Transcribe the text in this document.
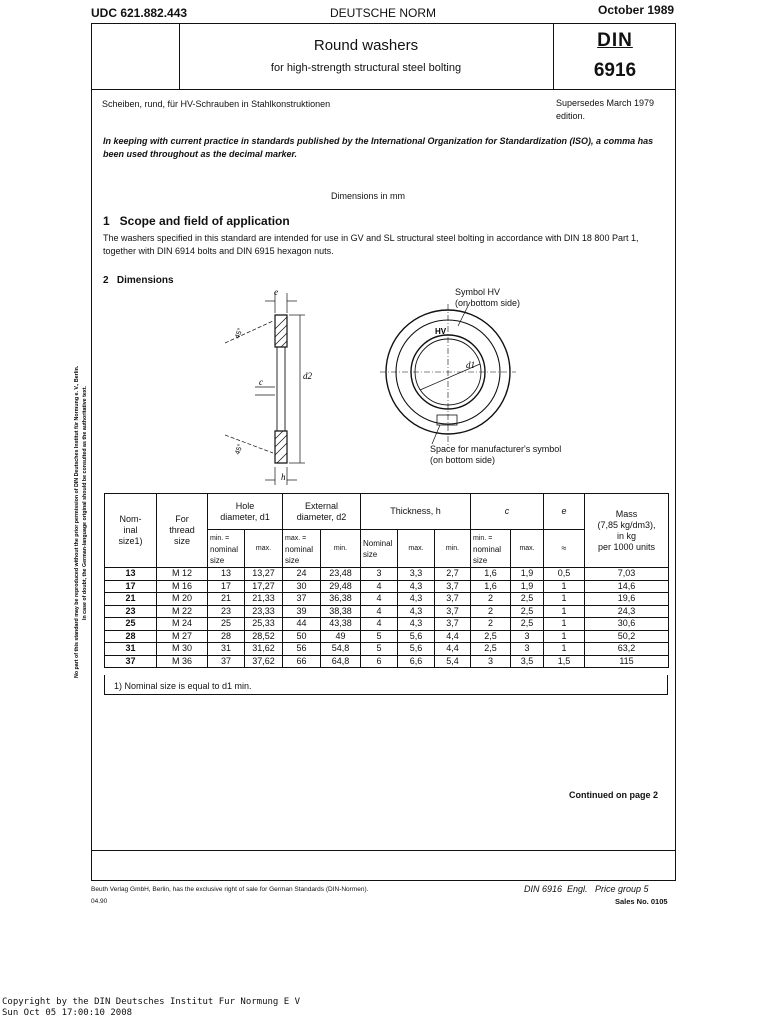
UDC 621.882.443	DEUTSCHE NORM	October 1989
Round washers
for high-strength structural steel bolting
DIN
6916
Scheiben, rund, für HV-Schrauben in Stahlkonstruktionen	Supersedes March 1979 edition.
In keeping with current practice in standards published by the International Organization for Standardization (ISO), a comma has been used throughout as the decimal marker.
Dimensions in mm
1   Scope and field of application
The washers specified in this standard are intended for use in GV and SL structural steel bolting in accordance with DIN 18 800 Part 1, together with DIN 6914 bolts and DIN 6915 hexagon nuts.
2   Dimensions
e
d2
c
h
45°
45°
HV
d1
Symbol HV
(on bottom side)
Space for manufacturer's symbol
(on bottom side)
No part of this standard may be reproduced without the prior permission of DIN Deutsches Institut für Normung e. V., Berlin. In case of doubt, the German-language original should be consulted as the authoritative text.	Nom-
inal
size1)	For
thread
size	Hole
diameter, d1		External
diameter, d2		Thickness, h			c		e	Mass
(7,85 kg/dm3),
in kg
per 1000 units
		min. =
nominal
size	max.	max. =
nominal
size	min.	Nominal
size	max.	min.	min. =
nominal
size	max.	≈	
13	M 12	13	13,27	24	23,48	3	3,3	2,7	1,6	1,9	0,5	7,03
17	M 16	17	17,27	30	29,48	4	4,3	3,7	1,6	1,9	1	14,6
21	M 20	21	21,33	37	36,38	4	4,3	3,7	2	2,5	1	19,6
23	M 22	23	23,33	39	38,38	4	4,3	3,7	2	2,5	1	24,3
25	M 24	25	25,33	44	43,38	4	4,3	3,7	2	2,5	1	30,6
28	M 27	28	28,52	50	49	5	5,6	4,4	2,5	3	1	50,2
31	M 30	31	31,62	56	54,8	5	5,6	4,4	2,5	3	1	63,2
37	M 36	37	37,62	66	64,8	6	6,6	5,4	3	3,5	1,5	115
1) Nominal size is equal to d1 min.
Continued on page 2
Beuth Verlag GmbH, Berlin, has the exclusive right of sale for German Standards (DIN-Normen).
04.90
DIN 6916  Engl.   Price group 5
Sales No. 0105
Copyright by the DIN Deutsches Institut Fur Normung E V
Sun Oct 05 17:00:10 2008
